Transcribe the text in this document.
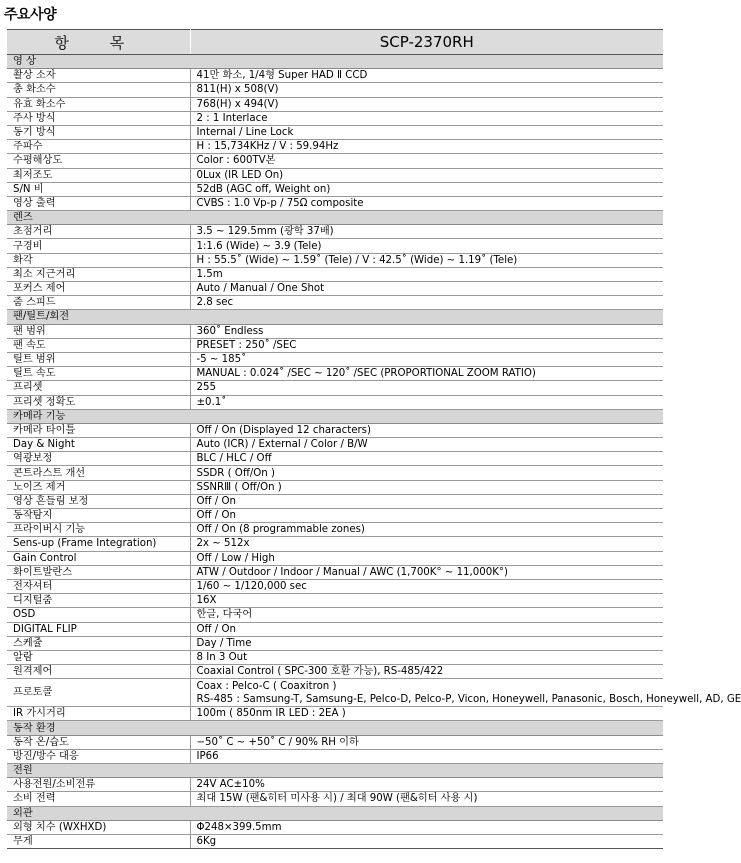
주요사양
항 목	SCP-2370RH
영 상	
촬상 소자	41만 화소, 1/4형 Super HAD Ⅱ CCD
총 화소수	811(H) x 508(V)
유효 화소수	768(H) x 494(V)
주사 방식	2 : 1 Interlace
동기 방식	Internal / Line Lock
주파수	H : 15,734KHz / V : 59.94Hz
수평해상도	Color : 600TV본
최저조도	0Lux (IR LED On)
S/N 비	52dB (AGC off, Weight on)
영상 출력	CVBS : 1.0 Vp-p / 75Ω composite
렌즈	
초점거리	3.5 ~ 129.5mm (광학 37배)
구경비	1:1.6 (Wide) ~ 3.9 (Tele)
화각	H : 55.5˚ (Wide) ~ 1.59˚ (Tele) / V : 42.5˚ (Wide) ~ 1.19˚ (Tele)
최소 지근거리	1.5m
포커스 제어	Auto / Manual / One Shot
줌 스피드	2.8 sec
팬/틸트/회전	
팬 범위	360˚ Endless
팬 속도	PRESET : 250˚ /SEC
틸트 범위	-5 ~ 185˚
틸트 속도	MANUAL : 0.024˚ /SEC ~ 120˚ /SEC (PROPORTIONAL ZOOM RATIO)
프리셋	255
프리셋 정확도	±0.1˚
카메라 기능	
카메라 타이틀	Off / On (Displayed 12 characters)
Day & Night	Auto (ICR) / External / Color / B/W
역광보정	BLC / HLC / Off
콘트라스트 개선	SSDR ( Off/On )
노이즈 제거	SSNRⅢ ( Off/On )
영상 흔들림 보정	Off / On
동작탐지	Off / On
프라이버시 기능	Off / On (8 programmable zones)
Sens-up (Frame Integration)	2x ~ 512x
Gain Control	Off / Low / High
화이트발란스	ATW / Outdoor / Indoor / Manual / AWC (1,700K° ~ 11,000K°)
전자셔터	1/60 ~ 1/120,000 sec
디지털줌	16X
OSD	한글, 다국어
DIGITAL FLIP	Off / On
스케쥴	Day / Time
알람	8 In 3 Out
원격제어	Coaxial Control ( SPC-300 호환 가능), RS-485/422
프로토콜	Coax : Pelco-C ( Coaxitron )
RS-485 : Samsung-T, Samsung-E, Pelco-D, Pelco-P, Vicon, Honeywell, Panasonic, Bosch, Honeywell, AD, GE

IR 가시거리	100m ( 850nm IR LED : 2EA )
동작 환경	
동작 온/습도	−50˚ C ~ +50˚ C / 90% RH 이하
방진/방수 대응	IP66
전원	
사용전원/소비전류	24V AC±10%
소비 전력	최대 15W (팬&히터 미사용 시) / 최대 90W (팬&히터 사용 시)
외관	
외형 치수 (WXHXD)	Φ248×399.5mm
무게	6Kg
